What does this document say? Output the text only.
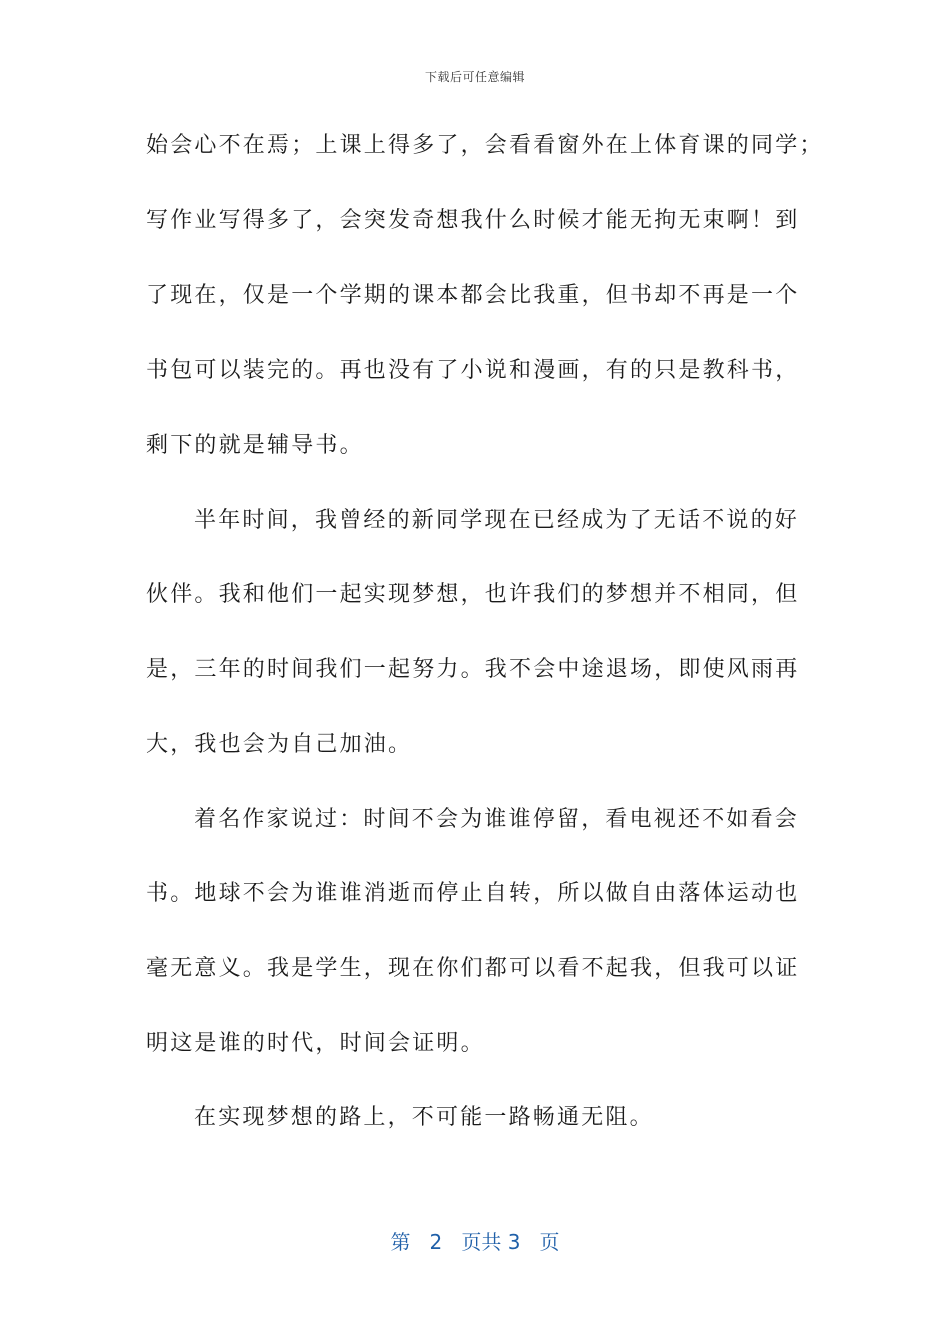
下载后可任意编辑
始会心不在焉；上课上得多了，会看看窗外在上体育课的同学；
写作业写得多了，会突发奇想我什么时候才能无拘无束啊！到
了现在，仅是一个学期的课本都会比我重，但书却不再是一个
书包可以装完的。再也没有了小说和漫画，有的只是教科书，
剩下的就是辅导书。
半年时间，我曾经的新同学现在已经成为了无话不说的好
伙伴。我和他们一起实现梦想，也许我们的梦想并不相同，但
是，三年的时间我们一起努力。我不会中途退场，即使风雨再
大，我也会为自己加油。
着名作家说过：时间不会为谁谁停留，看电视还不如看会
书。地球不会为谁谁消逝而停止自转，所以做自由落体运动也
毫无意义。我是学生，现在你们都可以看不起我，但我可以证
明这是谁的时代，时间会证明。
在实现梦想的路上，不可能一路畅通无阻。
第 2 页共 3 页
